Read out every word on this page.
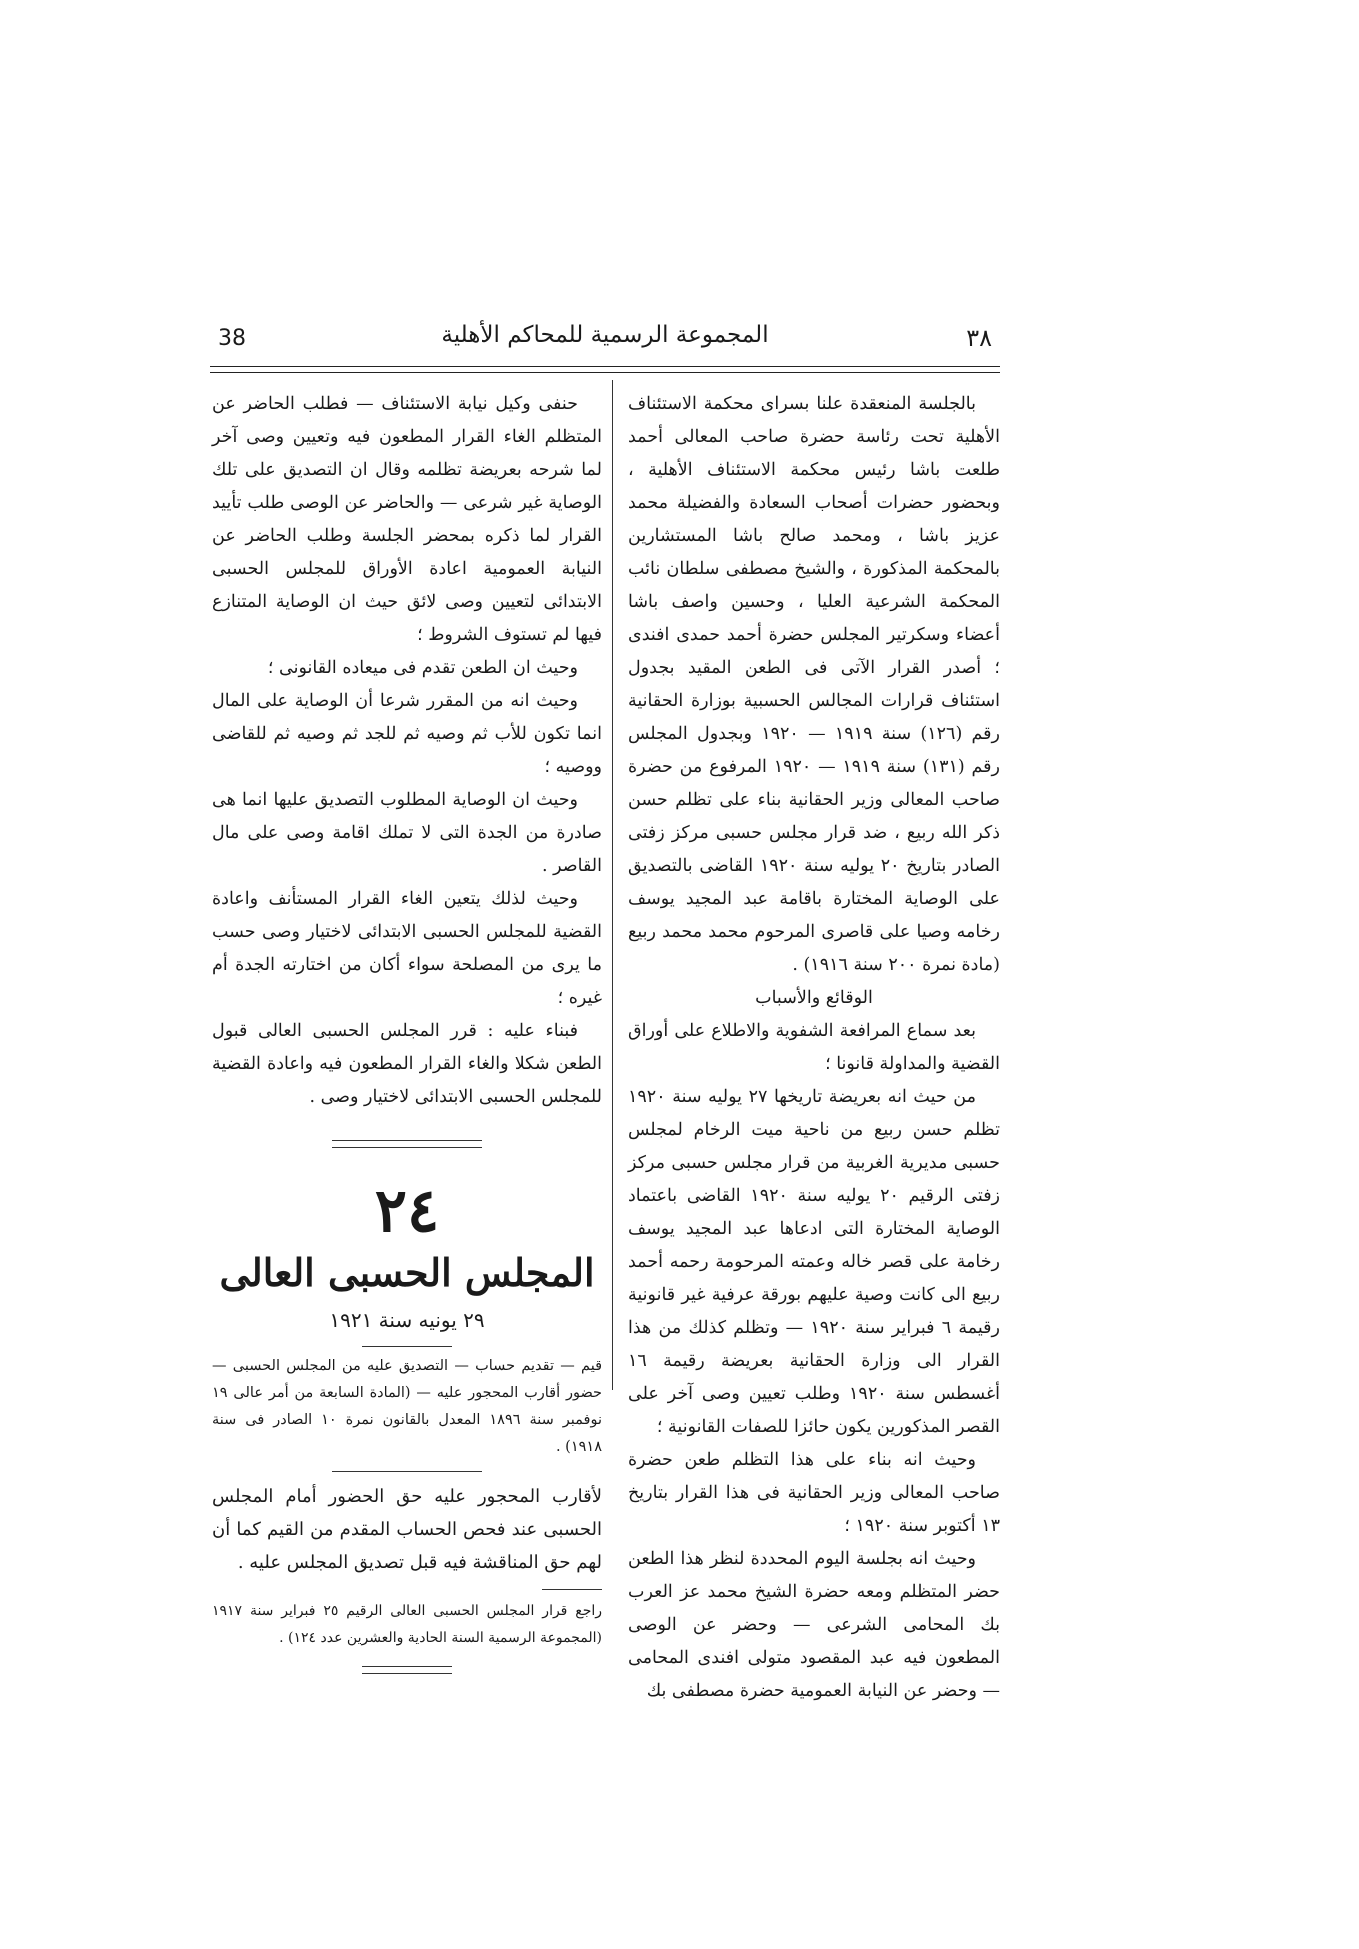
38	المجموعة الرسمية للمحاكم الأهلية	٣٨

بالجلسة المنعقدة علنا بسراى محكمة الاستئناف الأهلية تحت رئاسة حضرة صاحب المعالى أحمد طلعت باشا رئيس محكمة الاستئناف الأهلية ، وبحضور حضرات أصحاب السعادة والفضيلة محمد عزيز باشا ، ومحمد صالح باشا المستشارين بالمحكمة المذكورة ، والشيخ مصطفى سلطان نائب المحكمة الشرعية العليا ، وحسين واصف باشا أعضاء وسكرتير المجلس حضرة أحمد حمدى افندى ؛ أصدر القرار الآتى فى الطعن المقيد بجدول استئناف قرارات المجالس الحسبية بوزارة الحقانية رقم (١٢٦) سنة ١٩١٩ — ١٩٢٠ وبجدول المجلس رقم (١٣١) سنة ١٩١٩ — ١٩٢٠ المرفوع من حضرة صاحب المعالى وزير الحقانية بناء على تظلم حسن ذكر الله ربيع ، ضد قرار مجلس حسبى مركز زفتى الصادر بتاريخ ٢٠ يوليه سنة ١٩٢٠ القاضى بالتصديق على الوصاية المختارة باقامة عبد المجيد يوسف رخامه وصيا على قاصرى المرحوم محمد محمد ربيع (مادة نمرة ٢٠٠ سنة ١٩١٦) .

الوقائع والأسباب

بعد سماع المرافعة الشفوية والاطلاع على أوراق القضية والمداولة قانونا ؛

من حيث انه بعريضة تاريخها ٢٧ يوليه سنة ١٩٢٠ تظلم حسن ربيع من ناحية ميت الرخام لمجلس حسبى مديرية الغربية من قرار مجلس حسبى مركز زفتى الرقيم ٢٠ يوليه سنة ١٩٢٠ القاضى باعتماد الوصاية المختارة التى ادعاها عبد المجيد يوسف رخامة على قصر خاله وعمته المرحومة رحمه أحمد ربيع الى كانت وصية عليهم بورقة عرفية غير قانونية رقيمة ٦ فبراير سنة ١٩٢٠ — وتظلم كذلك من هذا القرار الى وزارة الحقانية بعريضة رقيمة ١٦ أغسطس سنة ١٩٢٠ وطلب تعيين وصى آخر على القصر المذكورين يكون حائزا للصفات القانونية ؛

وحيث انه بناء على هذا التظلم طعن حضرة صاحب المعالى وزير الحقانية فى هذا القرار بتاريخ ١٣ أكتوبر سنة ١٩٢٠ ؛

وحيث انه بجلسة اليوم المحددة لنظر هذا الطعن حضر المتظلم ومعه حضرة الشيخ محمد عز العرب بك المحامى الشرعى — وحضر عن الوصى المطعون فيه عبد المقصود متولى افندى المحامى — وحضر عن النيابة العمومية حضرة مصطفى بك

حنفى وكيل نيابة الاستئناف — فطلب الحاضر عن المتظلم الغاء القرار المطعون فيه وتعيين وصى آخر لما شرحه بعريضة تظلمه وقال ان التصديق على تلك الوصاية غير شرعى — والحاضر عن الوصى طلب تأييد القرار لما ذكره بمحضر الجلسة وطلب الحاضر عن النيابة العمومية اعادة الأوراق للمجلس الحسبى الابتدائى لتعيين وصى لائق حيث ان الوصاية المتنازع فيها لم تستوف الشروط ؛

وحيث ان الطعن تقدم فى ميعاده القانونى ؛

وحيث انه من المقرر شرعا أن الوصاية على المال انما تكون للأب ثم وصيه ثم للجد ثم وصيه ثم للقاضى ووصيه ؛

وحيث ان الوصاية المطلوب التصديق عليها انما هى صادرة من الجدة التى لا تملك اقامة وصى على مال القاصر .

وحيث لذلك يتعين الغاء القرار المستأنف واعادة القضية للمجلس الحسبى الابتدائى لاختيار وصى حسب ما يرى من المصلحة سواء أكان من اختارته الجدة أم غيره ؛

فبناء عليه : قرر المجلس الحسبى العالى قبول الطعن شكلا والغاء القرار المطعون فيه واعادة القضية للمجلس الحسبى الابتدائى لاختيار وصى .

٢٤
المجلس الحسبى العالى
٢٩ يونيه سنة ١٩٢١

قيم — تقديم حساب — التصديق عليه من المجلس الحسبى — حضور أقارب المحجور عليه — (المادة السابعة من أمر عالى ١٩ نوفمبر سنة ١٨٩٦ المعدل بالقانون نمرة ١٠ الصادر فى سنة ١٩١٨) .

لأقارب المحجور عليه حق الحضور أمام المجلس الحسبى عند فحص الحساب المقدم من القيم كما أن لهم حق المناقشة فيه قبل تصديق المجلس عليه .

راجع قرار المجلس الحسبى العالى الرقيم ٢٥ فبراير سنة ١٩١٧ (المجموعة الرسمية السنة الحادية والعشرين عدد ١٢٤) .
